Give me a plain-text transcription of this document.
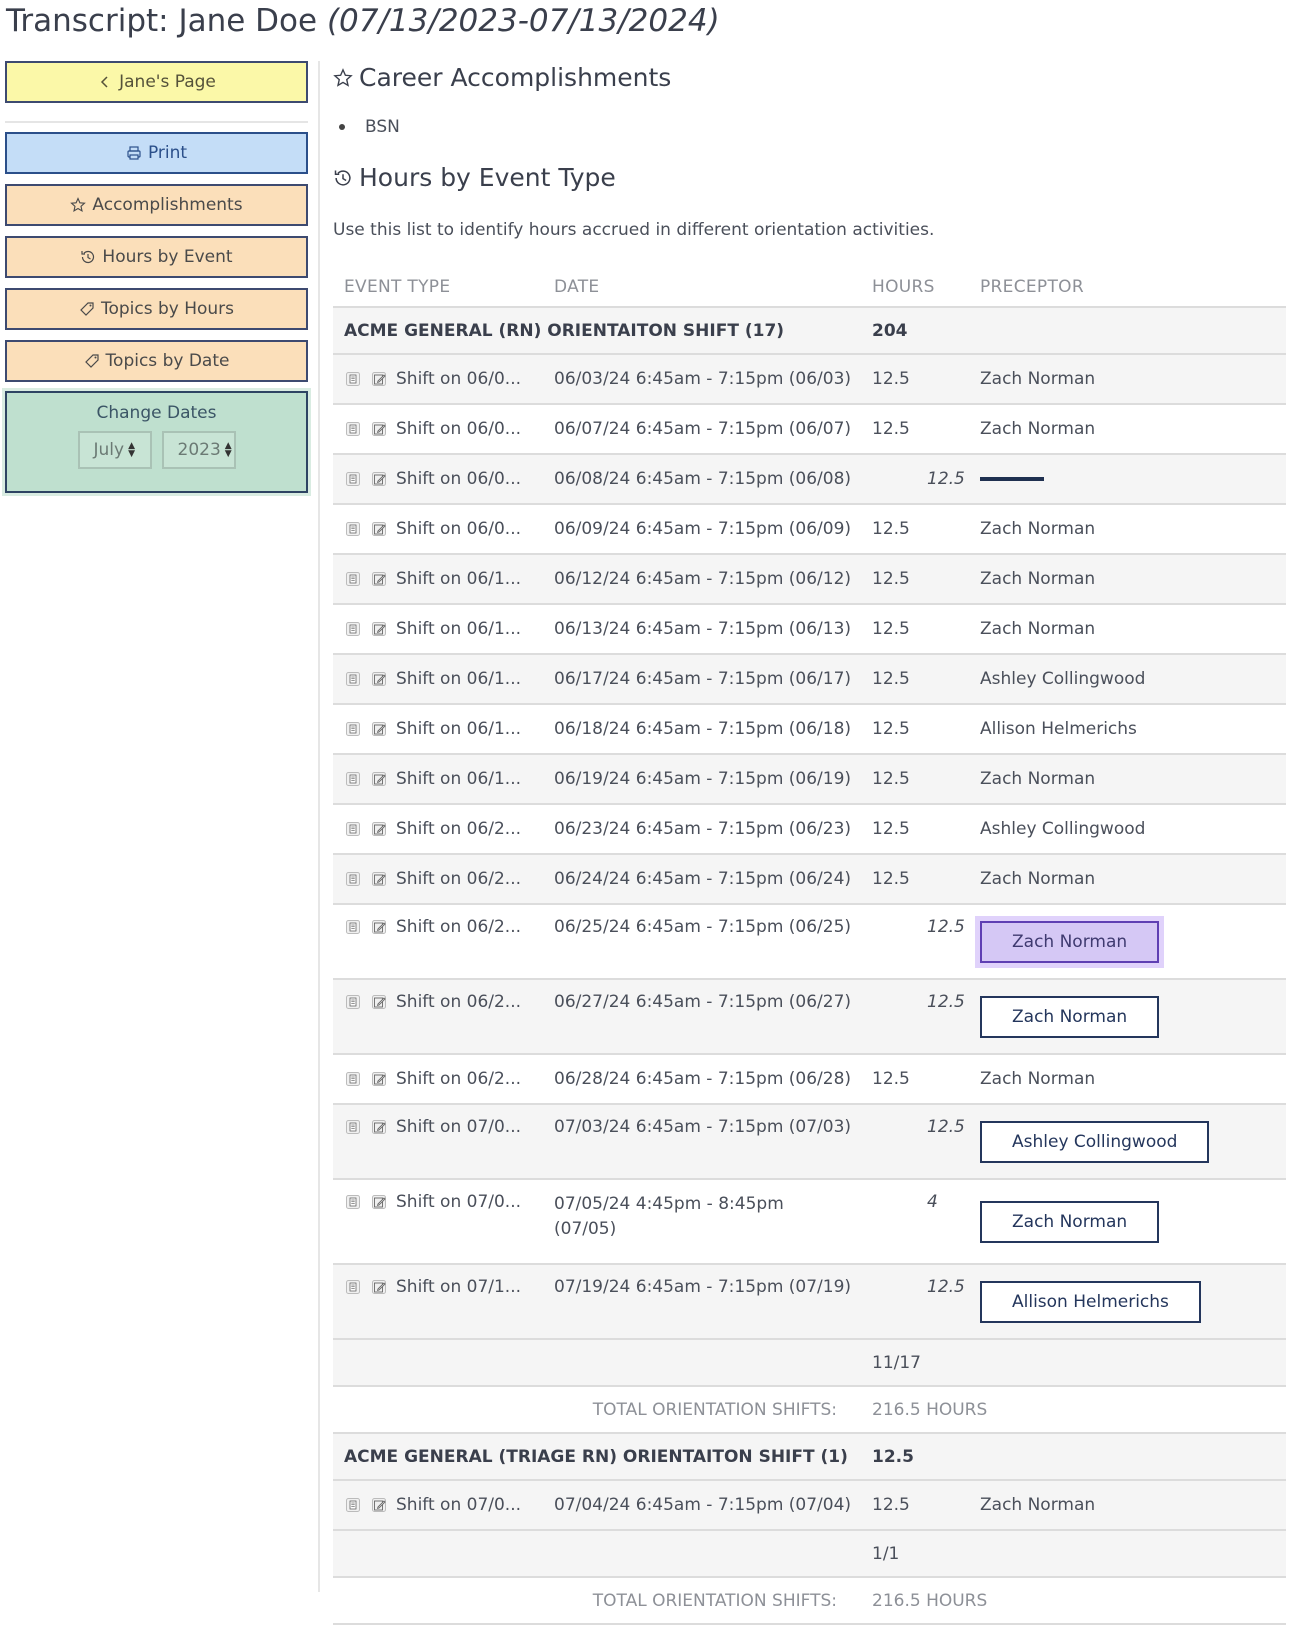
Transcript: Jane Doe (07/13/2023-07/13/2024)
Jane's Page
Print
Accomplishments
Hours by Event
Topics by Hours
Topics by Date
Change Dates
July ▲
▼	2023 ▲
▼
Career Accomplishments
BSN
Hours by Event Type
Use this list to identify hours accrued in different orientation activities.
EVENT TYPE	DATE	HOURS	PRECEPTOR
ACME GENERAL (RN) ORIENTAITON SHIFT (17)		204	

Shift on 06/0...	06/03/24 6:45am - 7:15pm (06/03)	12.5	Zach Norman

Shift on 06/0...	06/07/24 6:45am - 7:15pm (06/07)	12.5	Zach Norman

Shift on 06/0...	06/08/24 6:45am - 7:15pm (06/08)	12.5	

Shift on 06/0...	06/09/24 6:45am - 7:15pm (06/09)	12.5	Zach Norman

Shift on 06/1...	06/12/24 6:45am - 7:15pm (06/12)	12.5	Zach Norman

Shift on 06/1...	06/13/24 6:45am - 7:15pm (06/13)	12.5	Zach Norman

Shift on 06/1...	06/17/24 6:45am - 7:15pm (06/17)	12.5	Ashley Collingwood

Shift on 06/1...	06/18/24 6:45am - 7:15pm (06/18)	12.5	Allison Helmerichs

Shift on 06/1...	06/19/24 6:45am - 7:15pm (06/19)	12.5	Zach Norman

Shift on 06/2...	06/23/24 6:45am - 7:15pm (06/23)	12.5	Ashley Collingwood

Shift on 06/2...	06/24/24 6:45am - 7:15pm (06/24)	12.5	Zach Norman

Shift on 06/2...	06/25/24 6:45am - 7:15pm (06/25)	12.5	Zach Norman

Shift on 06/2...	06/27/24 6:45am - 7:15pm (06/27)	12.5	Zach Norman

Shift on 06/2...	06/28/24 6:45am - 7:15pm (06/28)	12.5	Zach Norman

Shift on 07/0...	07/03/24 6:45am - 7:15pm (07/03)	12.5	Ashley Collingwood

Shift on 07/0...	07/05/24 4:45pm - 8:45pm (07/05)	4	Zach Norman

Shift on 07/1...	07/19/24 6:45am - 7:15pm (07/19)	12.5	Allison Helmerichs
		11/17	
TOTAL ORIENTATION SHIFTS:		216.5 HOURS	
ACME GENERAL (TRIAGE RN) ORIENTAITON SHIFT (1)		12.5	

Shift on 07/0...	07/04/24 6:45am - 7:15pm (07/04)	12.5	Zach Norman
		1/1	
TOTAL ORIENTATION SHIFTS:		216.5 HOURS	
